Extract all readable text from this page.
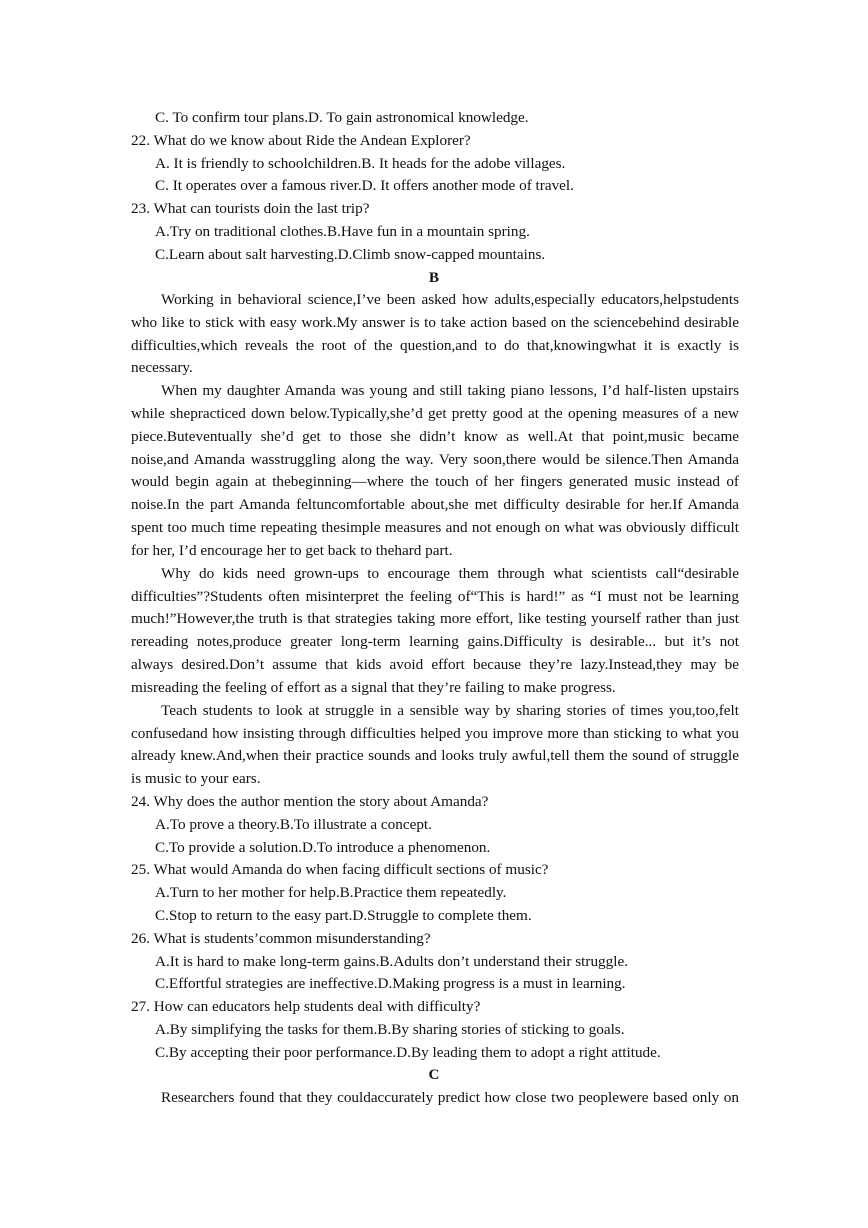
C. To confirm tour plans.D. To gain astronomical knowledge.
22. What do we know about Ride the Andean Explorer?
A. It is friendly to schoolchildren.B. It heads for the adobe villages.
C. It operates over a famous river.D. It offers another mode of travel.
23. What can tourists doin the last trip?
A.Try on traditional clothes.B.Have fun in a mountain spring.
C.Learn about salt harvesting.D.Climb snow-capped mountains.
B
Working in behavioral science,I’ve been asked how adults,especially educators,helpstudents
who like to stick with easy work.My answer is to take action based on the sciencebehind desirable
difficulties,which reveals the root of the question,and to do that,knowingwhat it is exactly is
necessary.
When my daughter Amanda was young and still taking piano lessons, I’d half-listen upstairs
while shepracticed down below.Typically,she’d get pretty good at the opening measures of a new
piece.Buteventually she’d get to those she didn’t know as well.At that point,music became
noise,and Amanda wasstruggling along the way. Very soon,there would be silence.Then Amanda
would begin again at thebeginning—where the touch of her fingers generated music instead of
noise.In the part Amanda feltuncomfortable about,she met difficulty desirable for her.If Amanda
spent too much time repeating thesimple measures and not enough on what was obviously difficult
for her, I’d encourage her to get back to thehard part.
Why do kids need grown-ups to encourage them through what scientists call“desirable
difficulties”?Students often misinterpret the feeling of“This is hard!” as “I must not be learning
much!”However,the truth is that strategies taking more effort, like testing yourself rather than just
rereading notes,produce greater long-term learning gains.Difficulty is desirable... but it’s not
always desired.Don’t assume that kids avoid effort because they’re lazy.Instead,they may be
misreading the feeling of effort as a signal that they’re failing to make progress.
Teach students to look at struggle in a sensible way by sharing stories of times you,too,felt
confusedand how insisting through difficulties helped you improve more than sticking to what you
already knew.And,when their practice sounds and looks truly awful,tell them the sound of struggle
is music to your ears.
24. Why does the author mention the story about Amanda?
A.To prove a theory.B.To illustrate a concept.
C.To provide a solution.D.To introduce a phenomenon.
25. What would Amanda do when facing difficult sections of music?
A.Turn to her mother for help.B.Practice them repeatedly.
C.Stop to return to the easy part.D.Struggle to complete them.
26. What is students’common misunderstanding?
A.It is hard to make long-term gains.B.Adults don’t understand their struggle.
C.Effortful strategies are ineffective.D.Making progress is a must in learning.
27. How can educators help students deal with difficulty?
A.By simplifying the tasks for them.B.By sharing stories of sticking to goals.
C.By accepting their poor performance.D.By leading them to adopt a right attitude.
C
Researchers found that they couldaccurately predict how close two peoplewere based only on
